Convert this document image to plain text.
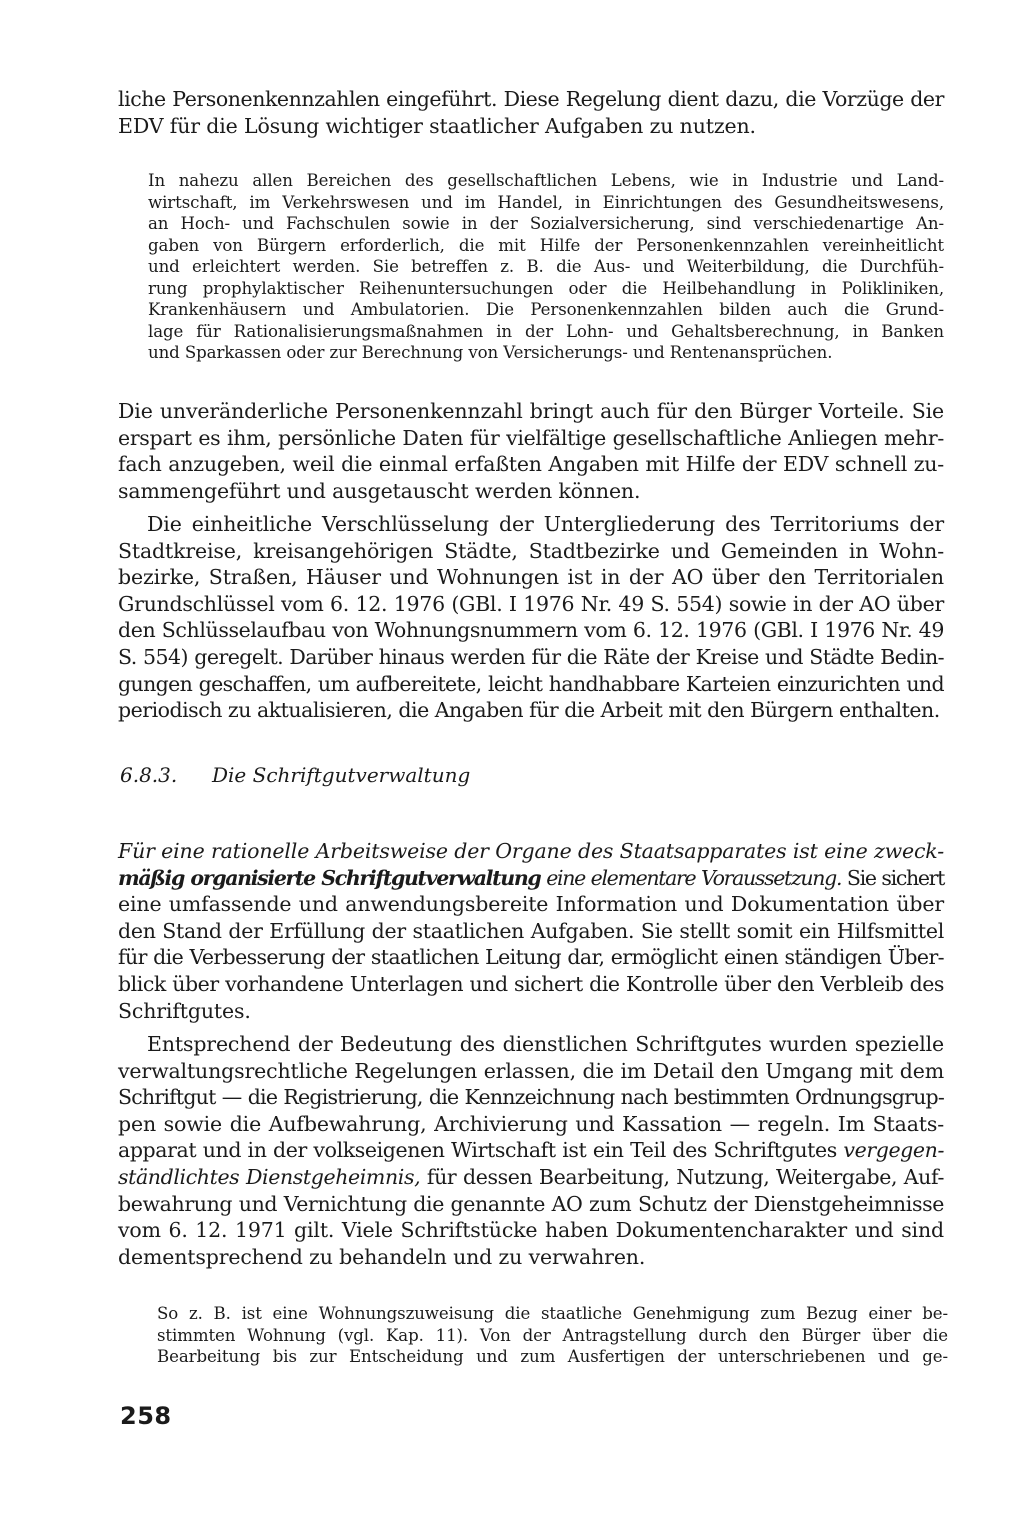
liche Personenkennzahlen eingeführt. Diese Regelung dient dazu, die Vorzüge der
EDV für die Lösung wichtiger staatlicher Aufgaben zu nutzen.
In nahezu allen Bereichen des gesellschaftlichen Lebens, wie in Industrie und Land-
wirtschaft, im Verkehrswesen und im Handel, in Einrichtungen des Gesundheitswesens,
an Hoch- und Fachschulen sowie in der Sozialversicherung, sind verschiedenartige An-
gaben von Bürgern erforderlich, die mit Hilfe der Personenkennzahlen vereinheitlicht
und erleichtert werden. Sie betreffen z. B. die Aus- und Weiterbildung, die Durchfüh-
rung prophylaktischer Reihenuntersuchungen oder die Heilbehandlung in Polikliniken,
Krankenhäusern und Ambulatorien. Die Personenkennzahlen bilden auch die Grund-
lage für Rationalisierungsmaßnahmen in der Lohn- und Gehaltsberechnung, in Banken
und Sparkassen oder zur Berechnung von Versicherungs- und Rentenansprüchen.
Die unveränderliche Personenkennzahl bringt auch für den Bürger Vorteile. Sie
erspart es ihm, persönliche Daten für vielfältige gesellschaftliche Anliegen mehr-
fach anzugeben, weil die einmal erfaßten Angaben mit Hilfe der EDV schnell zu-
sammengeführt und ausgetauscht werden können.
Die einheitliche Verschlüsselung der Untergliederung des Territoriums der
Stadtkreise, kreisangehörigen Städte, Stadtbezirke und Gemeinden in Wohn-
bezirke, Straßen, Häuser und Wohnungen ist in der AO über den Territorialen
Grundschlüssel vom 6. 12. 1976 (GBl. I 1976 Nr. 49 S. 554) sowie in der AO über
den Schlüsselaufbau von Wohnungsnummern vom 6. 12. 1976 (GBl. I 1976 Nr. 49
S. 554) geregelt. Darüber hinaus werden für die Räte der Kreise und Städte Bedin-
gungen geschaffen, um aufbereitete, leicht handhabbare Karteien einzurichten und
periodisch zu aktualisieren, die Angaben für die Arbeit mit den Bürgern enthalten.
6.8.3. Die Schriftgutverwaltung
Für eine rationelle Arbeitsweise der Organe des Staatsapparates ist eine zweck-
mäßig organisierte Schriftgutverwaltung eine elementare Voraussetzung. Sie sichert
eine umfassende und anwendungsbereite Information und Dokumentation über
den Stand der Erfüllung der staatlichen Aufgaben. Sie stellt somit ein Hilfsmittel
für die Verbesserung der staatlichen Leitung dar, ermöglicht einen ständigen Über-
blick über vorhandene Unterlagen und sichert die Kontrolle über den Verbleib des
Schriftgutes.
Entsprechend der Bedeutung des dienstlichen Schriftgutes wurden spezielle
verwaltungsrechtliche Regelungen erlassen, die im Detail den Umgang mit dem
Schriftgut — die Registrierung, die Kennzeichnung nach bestimmten Ordnungsgrup-
pen sowie die Aufbewahrung, Archivierung und Kassation — regeln. Im Staats-
apparat und in der volkseigenen Wirtschaft ist ein Teil des Schriftgutes vergegen-
ständlichtes Dienstgeheimnis, für dessen Bearbeitung, Nutzung, Weitergabe, Auf-
bewahrung und Vernichtung die genannte AO zum Schutz der Dienstgeheimnisse
vom 6. 12. 1971 gilt. Viele Schriftstücke haben Dokumentencharakter und sind
dementsprechend zu behandeln und zu verwahren.
So z. B. ist eine Wohnungszuweisung die staatliche Genehmigung zum Bezug einer be-
stimmten Wohnung (vgl. Kap. 11). Von der Antragstellung durch den Bürger über die
Bearbeitung bis zur Entscheidung und zum Ausfertigen der unterschriebenen und ge-
258
